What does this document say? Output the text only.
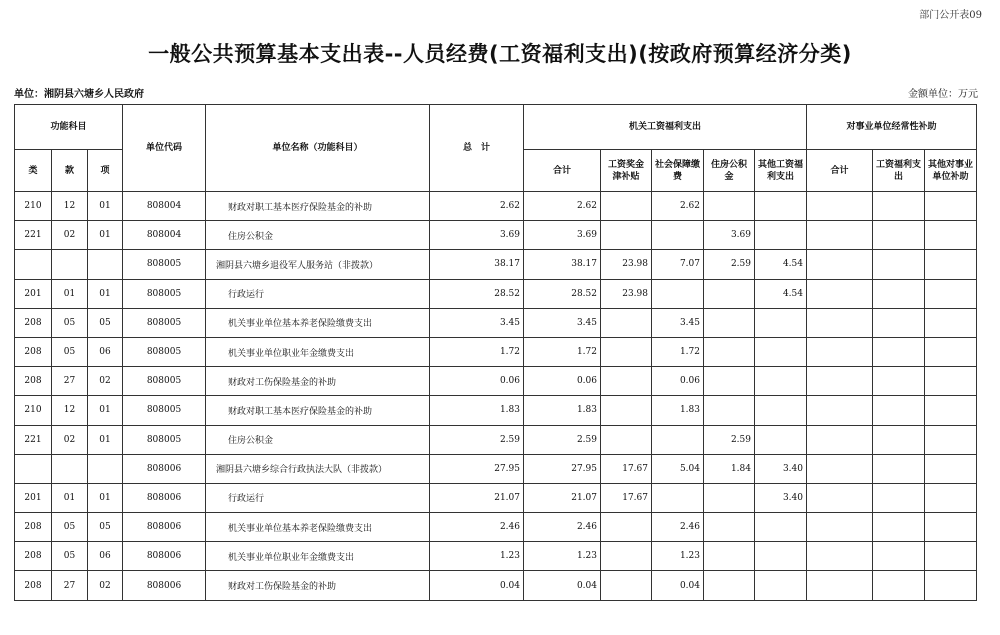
部门公开表09
一般公共预算基本支出表--人员经费(工资福利支出)(按政府预算经济分类)
单位：湘阴县六塘乡人民政府	金额单位：万元
功能科目			单位代码	单位名称（功能科目）	总　计	机关工资福利支出					对事业单位经常性补助		
类	款	项				合计	工资奖金津补贴	社会保障缴费	住房公积金	其他工资福利支出	合计	工资福利支出	其他对事业单位补助
210	12	01	808004	财政对职工基本医疗保险基金的补助	2.62	2.62		2.62					
221	02	01	808004	住房公积金	3.69	3.69			3.69				
			808005	湘阴县六塘乡退役军人服务站（非拨款）	38.17	38.17	23.98	7.07	2.59	4.54			
201	01	01	808005	行政运行	28.52	28.52	23.98			4.54			
208	05	05	808005	机关事业单位基本养老保险缴费支出	3.45	3.45		3.45					
208	05	06	808005	机关事业单位职业年金缴费支出	1.72	1.72		1.72					
208	27	02	808005	财政对工伤保险基金的补助	0.06	0.06		0.06					
210	12	01	808005	财政对职工基本医疗保险基金的补助	1.83	1.83		1.83					
221	02	01	808005	住房公积金	2.59	2.59			2.59				
			808006	湘阴县六塘乡综合行政执法大队（非拨款）	27.95	27.95	17.67	5.04	1.84	3.40			
201	01	01	808006	行政运行	21.07	21.07	17.67			3.40			
208	05	05	808006	机关事业单位基本养老保险缴费支出	2.46	2.46		2.46					
208	05	06	808006	机关事业单位职业年金缴费支出	1.23	1.23		1.23					
208	27	02	808006	财政对工伤保险基金的补助	0.04	0.04		0.04					
